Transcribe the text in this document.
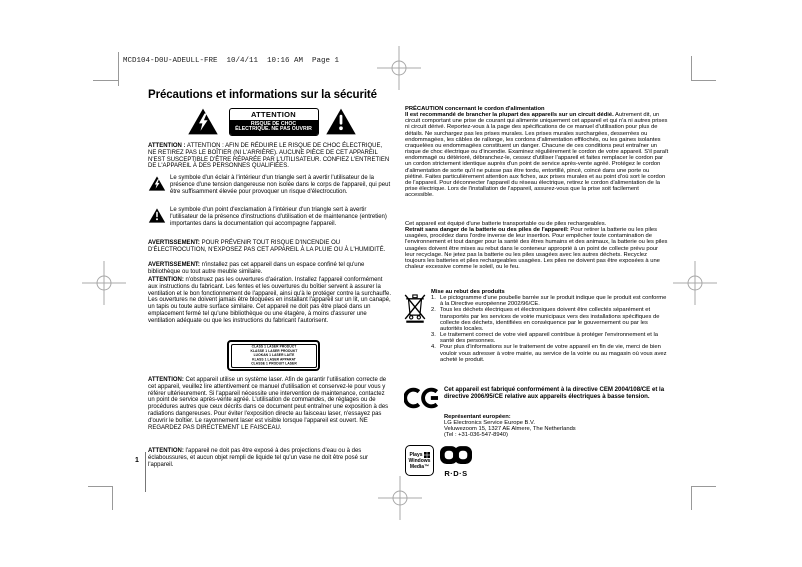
MCD104-D0U-ADEULL-FRE  10/4/11  10:16 AM  Page 1
Précautions et informations sur la sécurité
ATTENTION
RISQUE DE CHOC
ÉLECTRIQUE. NE PAS OUVRIR

ATTENTION : ATTENTION : AFIN DE RÉDUIRE LE RISQUE DE CHOC ÉLECTRIQUE, NE RETIREZ PAS LE BOÎTIER (NI L'ARRIÈRE). AUCUNE PIÈCE DE CET APPAREIL N'EST SUSCEPTIBLE D'ÊTRE RÉPARÉE PAR L'UTILISATEUR. CONFIEZ L'ENTRETIEN DE L'APPAREIL À DES PERSONNES QUALIFIÉES.

Le symbole d'un éclair à l'intérieur d'un triangle sert à avertir l'utilisateur de la présence d'une tension dangereuse non isolée dans le corps de l'appareil, qui peut être suffisamment élevée pour provoquer un risque d'électrocution.
Le symbole d'un point d'exclamation à l'intérieur d'un triangle sert à avertir l'utilisateur de la présence d'instructions d'utilisation et de maintenance (entretien) importantes dans la documentation qui accompagne l'appareil.

AVERTISSEMENT: POUR PRÉVENIR TOUT RISQUE D'INCENDIE OU D'ÉLECTROCUTION, N'EXPOSEZ PAS CET APPAREIL À LA PLUIE OU À L'HUMIDITÉ.

AVERTISSEMENT: n'installez pas cet appareil dans un espace confiné tel qu'une bibliothèque ou tout autre meuble similaire.

ATTENTION: n'obstruez pas les ouvertures d'aération. Installez l'appareil conformément aux instructions du fabricant. Les fentes et les ouvertures du boîtier servent à assurer la ventilation et le bon fonctionnement de l'appareil, ainsi qu'à le protéger contre la surchauffe. Les ouvertures ne doivent jamais être bloquées en installant l'appareil sur un lit, un canapé, un tapis ou toute autre surface similaire. Cet appareil ne doit pas être placé dans un emplacement fermé tel qu'une bibliothèque ou une étagère, à moins d'assurer une ventilation adéquate ou que les instructions du fabricant l'autorisent.

CLASS 1 LASER PRODUCT
KLASSE 1 LASER PRODUKT
LUOKAN 1 LASER LAITE
KLASS 1 LASER APPARAT
CLASSE 1 PRODUIT LASER

ATTENTION: Cet appareil utilise un système laser. Afin de garantir l'utilisation correcte de cet appareil, veuillez lire attentivement ce manuel d'utilisation et conservez-le pour vous y référer ultérieurement. Si l'appareil nécessite une intervention de maintenance, contactez un point de service après-vente agréé. L'utilisation de commandes, de réglages ou de procédures autres que ceux décrits dans ce document peut entraîner une exposition à des radiations dangereuses. Pour éviter l'exposition directe au faisceau laser, n'essayez pas d'ouvrir le boîtier. Le rayonnement laser est visible lorsque l'appareil est ouvert. NE REGARDEZ PAS DIRECTEMENT LE FAISCEAU.

ATTENTION: l'appareil ne doit pas être exposé à des projections d'eau ou à des éclaboussures, et aucun objet rempli de liquide tel qu'un vase ne doit être posé sur l'appareil.

1

PRÉCAUTION concernant le cordon d'alimentation

Il est recommandé de brancher la plupart des appareils sur un circuit dédié. Autrement dit, un circuit comportant une prise de courant qui alimente uniquement cet appareil et qui n'a ni autres prises ni circuit dérivé. Reportez-vous à la page des spécifications de ce manuel d'utilisation pour plus de détails. Ne surchargez pas les prises murales. Les prises murales surchargées, desserrées ou endommagées, les câbles de rallonge, les cordons d'alimentation effilochés, ou les gaines isolantes craquelées ou endommagées constituent un danger. Chacune de ces conditions peut entraîner un risque de choc électrique ou d'incendie. Examinez régulièrement le cordon de votre appareil. S'il paraît endommagé ou détérioré, débranchez-le, cessez d'utiliser l'appareil et faites remplacer le cordon par un cordon strictement identique auprès d'un point de service après-vente agréé. Protégez le cordon d'alimentation de sorte qu'il ne puisse pas être tordu, entortillé, pincé, coincé dans une porte ou piétiné. Faites particulièrement attention aux fiches, aux prises murales et au point d'où sort le cordon de l'appareil. Pour déconnecter l'appareil du réseau électrique, retirez le cordon d'alimentation de la prise électrique. Lors de l'installation de l'appareil, assurez-vous que la prise soit facilement accessible.

Cet appareil est équipé d'une batterie transportable ou de piles rechargeables.

Retrait sans danger de la batterie ou des piles de l'appareil: Pour retirer la batterie ou les piles usagées, procédez dans l'ordre inverse de leur insertion. Pour empêcher toute contamination de l'environnement et tout danger pour la santé des êtres humains et des animaux, la batterie ou les piles usagées doivent être mises au rebut dans le conteneur approprié à un point de collecte prévu pour leur recyclage. Ne jetez pas la batterie ou les piles usagées avec les autres déchets. Recyclez toujours les batteries et piles rechargeables usagées. Les piles ne doivent pas être exposées à une chaleur excessive comme le soleil, ou le feu.

Mise au rebut des produits

1. Le pictogramme d'une poubelle barrée sur le produit indique que le produit est conforme à la Directive européenne 2002/96/CE.
2. Tous les déchets électriques et électroniques doivent être collectés séparément et transportés par les services de voirie municipaux vers des installations spécifiques de collecte des déchets, identifiées en conséquence par le gouvernement ou par les autorités locales.
3. Le traitement correct de votre vieil appareil contribue à protéger l'environnement et la santé des personnes.
4. Pour plus d'informations sur le traitement de votre appareil en fin de vie, merci de bien vouloir vous adresser à votre mairie, au service de la voirie ou au magasin où vous avez acheté le produit.
Cet appareil est fabriqué conformément à la directive CEM 2004/108/CE et la directive 2006/95/CE relative aux appareils électriques à basse tension.

Représentant européen:

LG Electronics Service Europe B.V.

Veluwezoom 15, 1327 AE Almere, The Netherlands

(Tel : +31-036-547-8940)

Plays
Windows
Media™
R·D·S
